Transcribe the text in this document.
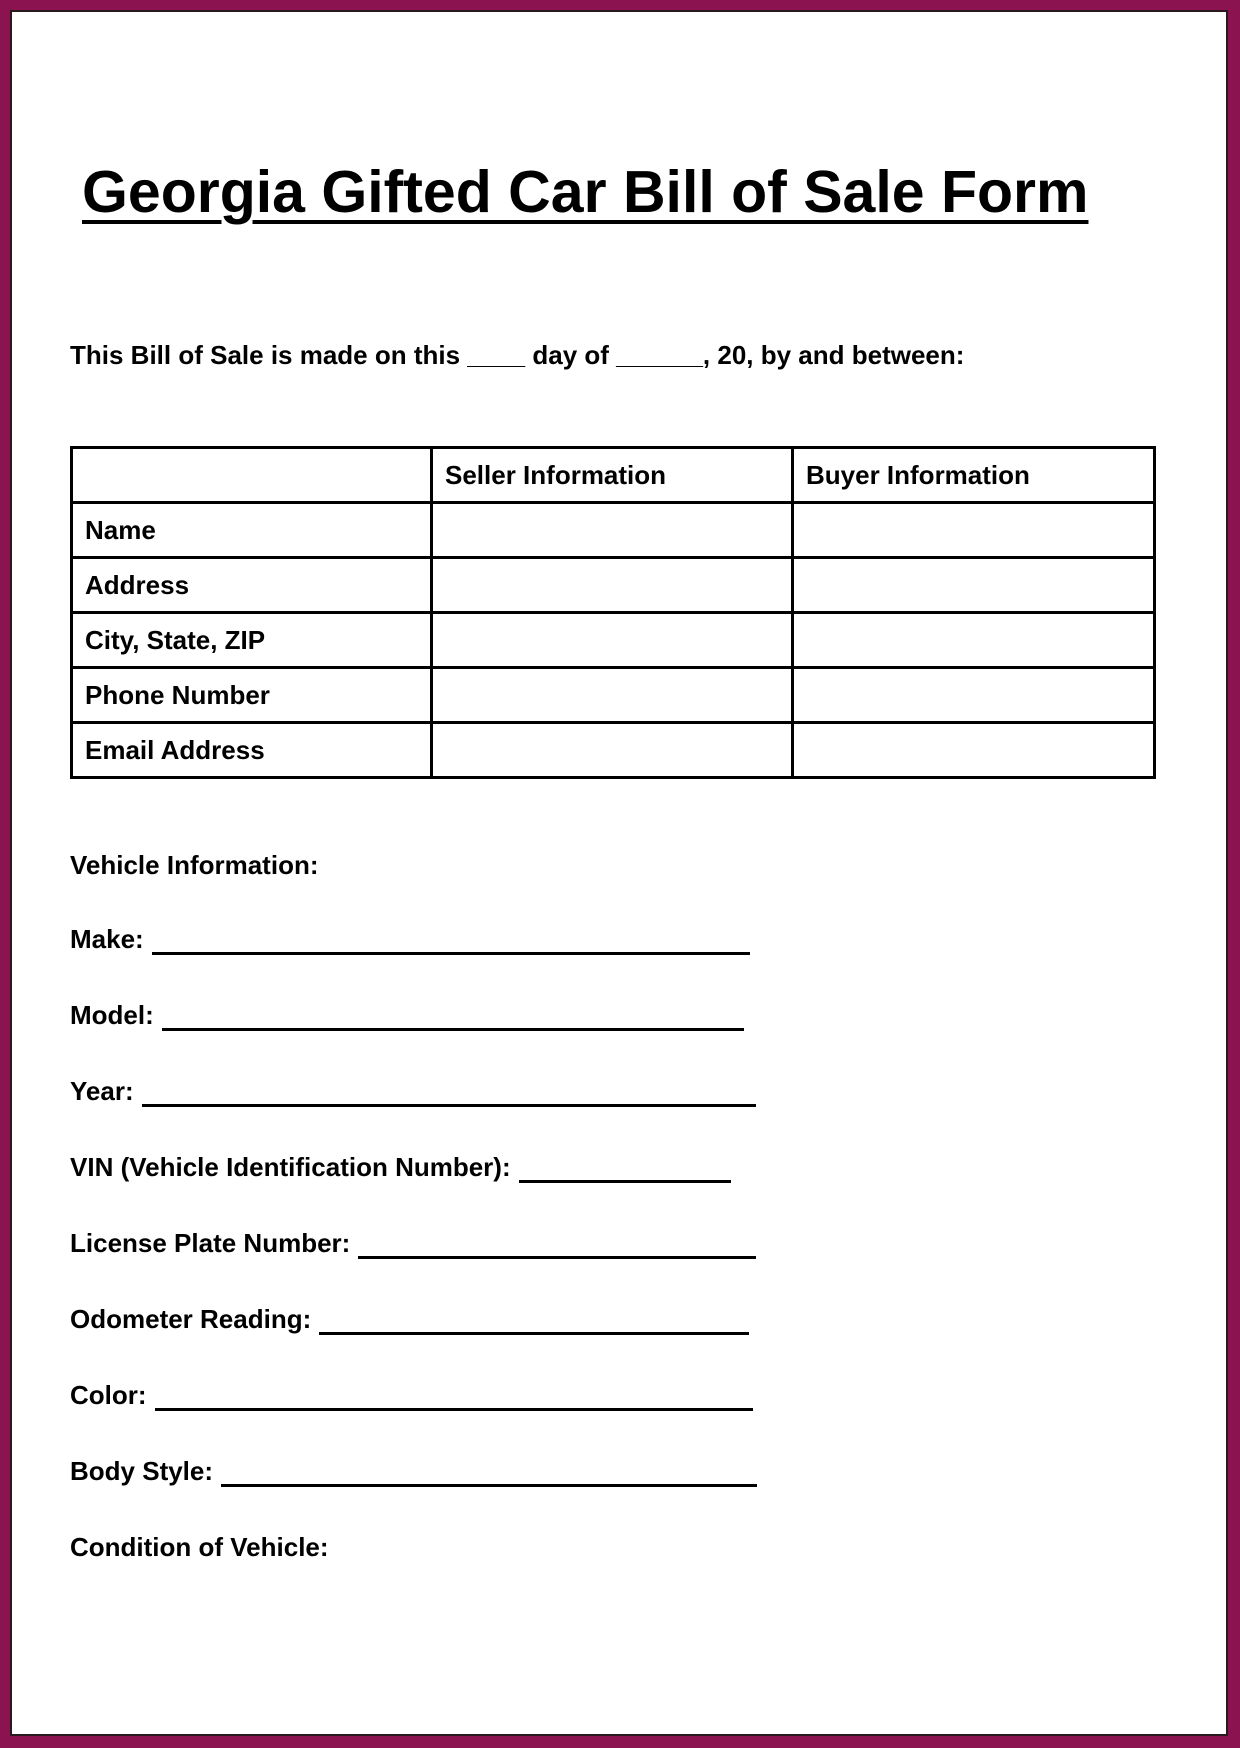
Georgia Gifted Car Bill of Sale Form

This Bill of Sale is made on this ____ day of ______, 20, by and between:

	Seller Information	Buyer Information
Name		
Address		
City, State, ZIP		
Phone Number		
Email Address		

Vehicle Information:

Make:
Model:
Year:
VIN (Vehicle Identification Number):
License Plate Number:
Odometer Reading:
Color:
Body Style:
Condition of Vehicle:
